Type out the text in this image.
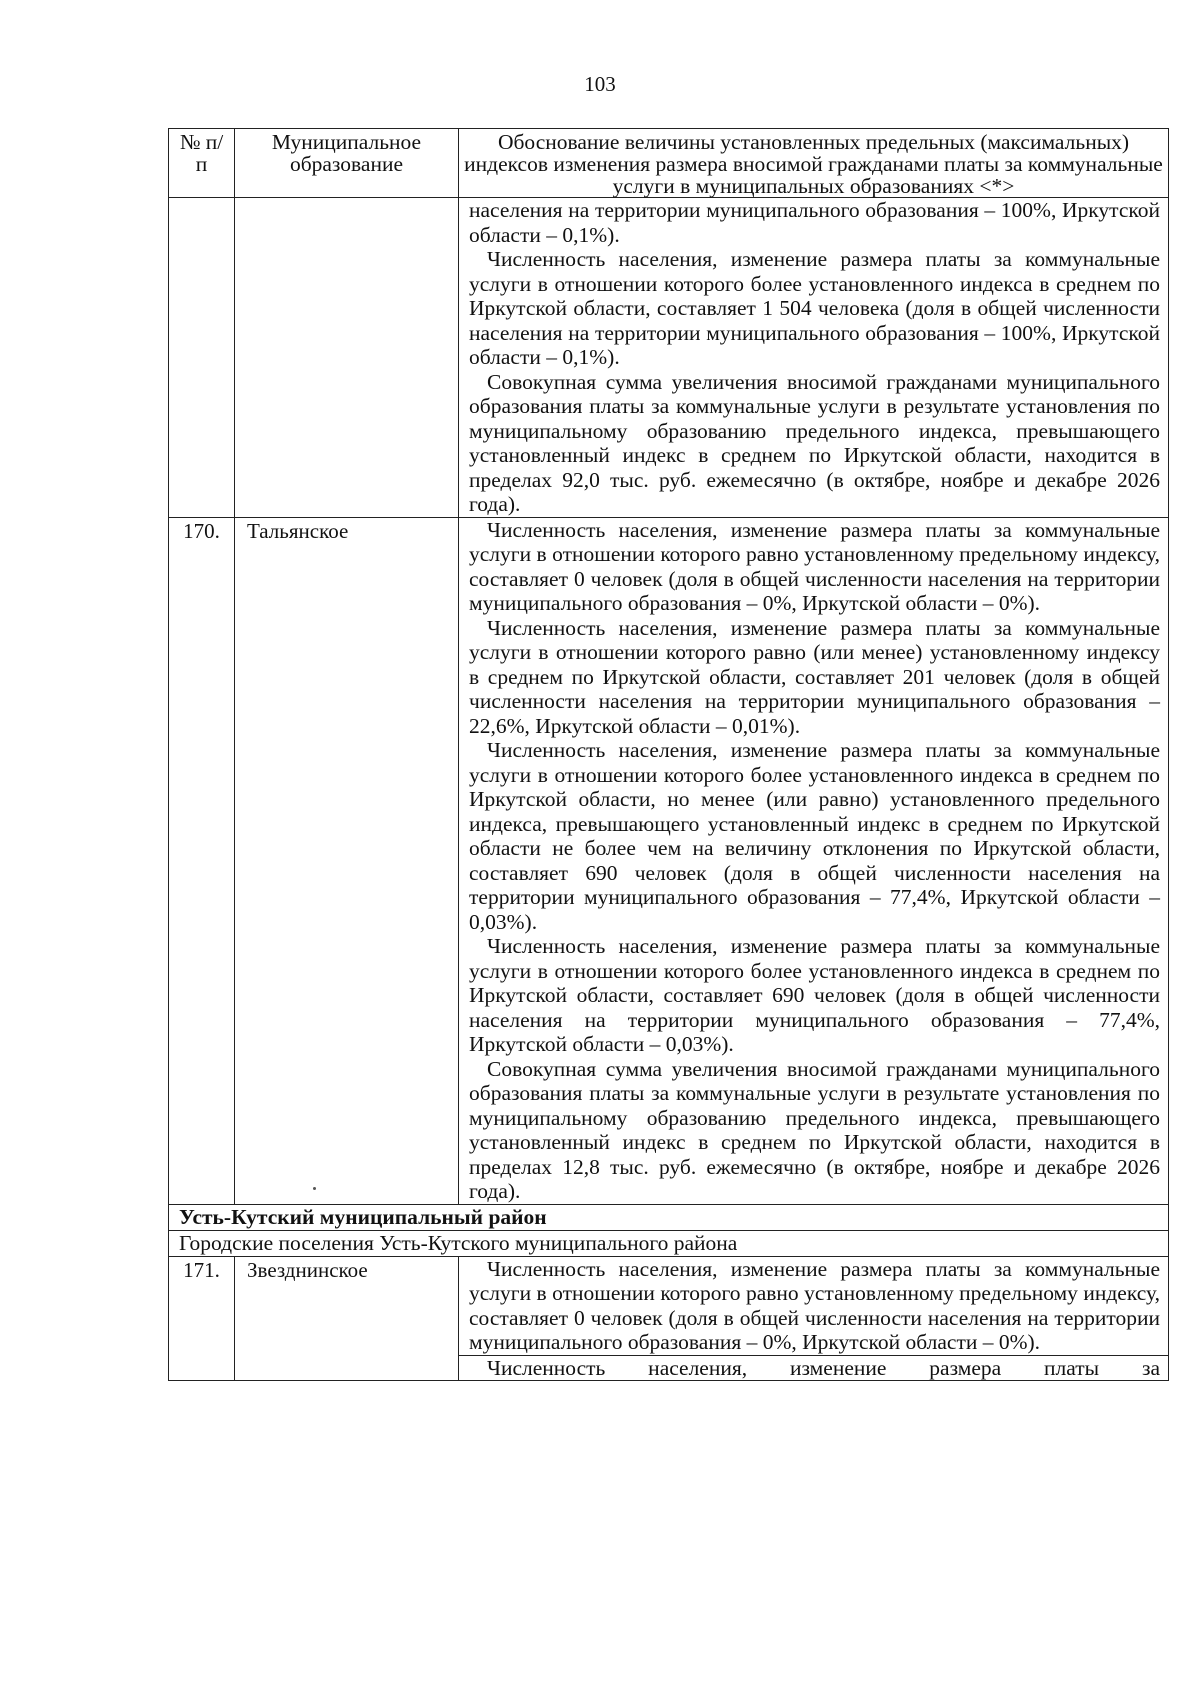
103
№ п/п	Муниципальное образование	Обоснование величины установленных предельных (максимальных) индексов изменения размера вносимой гражданами платы за коммунальные услуги в муниципальных образованиях <*>

		населения на территории муниципального образования – 100%, Иркутской области – 0,1%).

Численность населения, изменение размера платы за коммунальные услуги в отношении которого более установленного индекса в среднем по Иркутской области, составляет 1 504 человека (доля в общей численности населения на территории муниципального образования – 100%, Иркутской области – 0,1%).

Совокупная сумма увеличения вносимой гражданами муниципального образования платы за коммунальные услуги в результате установления по муниципальному образованию предельного индекса, превышающего установленный индекс в среднем по Иркутской области, находится в пределах 92,0 тыс. руб. ежемесячно (в октябре, ноябре и декабре 2026 года).

170.	Тальянское	Численность населения, изменение размера платы за коммунальные услуги в отношении которого равно установленному предельному индексу, составляет 0 человек (доля в общей численности населения на территории муниципального образования – 0%, Иркутской области – 0%).

Численность населения, изменение размера платы за коммунальные услуги в отношении которого равно (или менее) установленному индексу в среднем по Иркутской области, составляет 201 человек (доля в общей численности населения на территории муниципального образования – 22,6%, Иркутской области – 0,01%).

Численность населения, изменение размера платы за коммунальные услуги в отношении которого более установленного индекса в среднем по Иркутской области, но менее (или равно) установленного предельного индекса, превышающего установленный индекс в среднем по Иркутской области не более чем на величину отклонения по Иркутской области, составляет 690 человек (доля в общей численности населения на территории муниципального образования – 77,4%, Иркутской области – 0,03%).

Численность населения, изменение размера платы за коммунальные услуги в отношении которого более установленного индекса в среднем по Иркутской области, составляет 690 человек (доля в общей численности населения на территории муниципального образования – 77,4%, Иркутской области – 0,03%).

Совокупная сумма увеличения вносимой гражданами муниципального образования платы за коммунальные услуги в результате установления по муниципальному образованию предельного индекса, превышающего установленный индекс в среднем по Иркутской области, находится в пределах 12,8 тыс. руб. ежемесячно (в октябре, ноябре и декабре 2026 года).

Усть-Кутский муниципальный район		
Городские поселения Усть-Кутского муниципального района		
171.	Звезднинское	Численность населения, изменение размера платы за коммунальные услуги в отношении которого равно установленному предельному индексу, составляет 0 человек (доля в общей численности населения на территории муниципального образования – 0%, Иркутской области – 0%).

		Численность населения, изменение размера платы за
